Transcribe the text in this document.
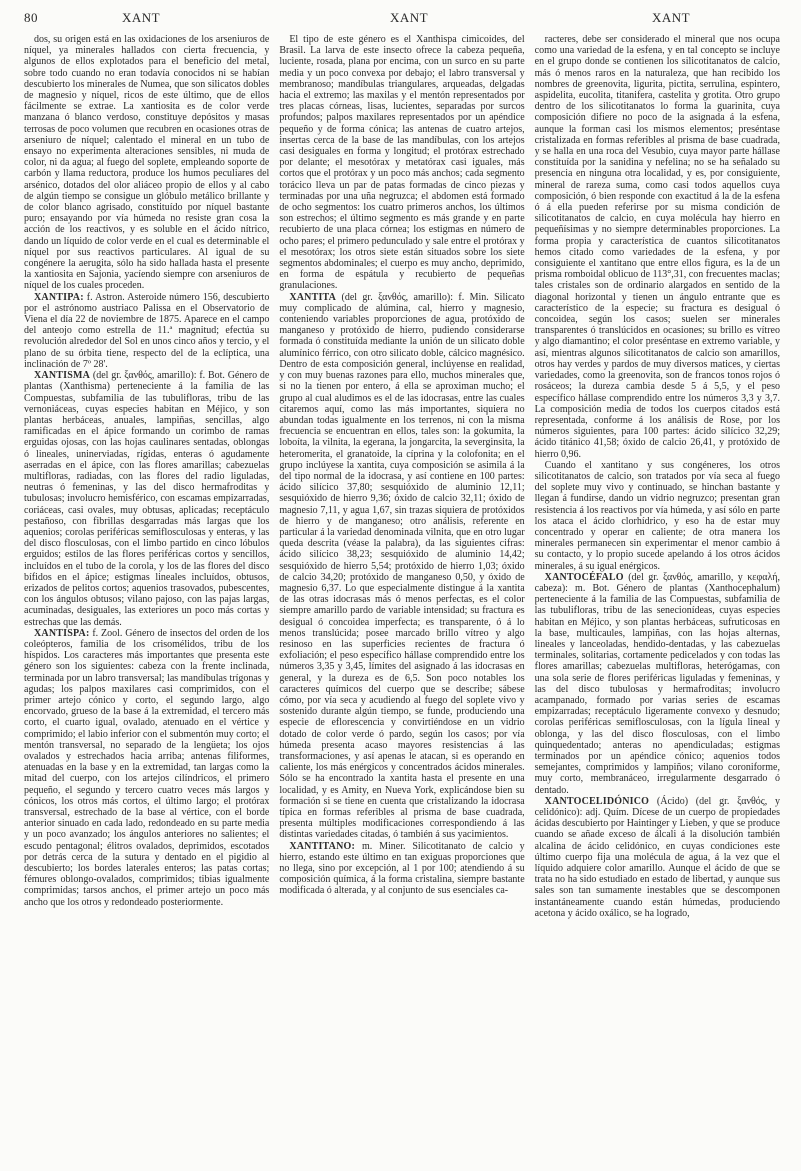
80	XANT	XANT	XANT

dos, su origen está en las oxidaciones de los arseniuros de níquel, ya minerales hallados con cierta frecuencia, y algunos de ellos explotados para el beneficio del metal, sobre todo cuando no eran todavía conocidos ni se habían descubierto los minerales de Numea, que son silicatos dobles de magnesio y níquel, ricos de este último, que de ellos fácilmente se extrae. La xantiosita es de color verde manzana ó blanco verdoso, constituye depósitos y masas terrosas de poco volumen que recubren en ocasiones otras de arseniuro de níquel; calentado el mineral en un tubo de ensayo no experimenta alteraciones sensibles, ni muda de color, ni da agua; al fuego del soplete, empleando soporte de carbón y llama reductora, produce los humos peculiares del arsénico, dotados del olor aliáceo propio de ellos y al cabo de algún tiempo se consigue un glóbulo metálico brillante y de color blanco agrisado, constituído por níquel bastante puro; ensayando por vía húmeda no resiste gran cosa la acción de los reactivos, y es soluble en el ácido nítrico, dando un líquido de color verde en el cual es determinable el níquel por sus reactivos particulares. Al igual de su congénere la aerugita, sólo ha sido hallada hasta el presente la xantiosita en Sajonia, yacíendo siempre con arseniuros de níquel de los cuales proceden.

XANTIPA: f. Astron. Asteroide número 156, descubierto por el astrónomo austriaco Palissa en el Observatorio de Viena el día 22 de noviembre de 1875. Aparece en el campo del anteojo como estrella de 11.ª magnitud; efectúa su revolución alrededor del Sol en unos cinco años y tercio, y el plano de su órbita tiene, respecto del de la eclíptica, una inclinación de 7º 28'.

XANTISMA (del gr. ξανθός, amarillo): f. Bot. Género de plantas (Xanthisma) perteneciente á la familia de las Compuestas, subfamilia de las tubulifloras, tribu de las vernoniáceas, cuyas especies habitan en Méjico, y son plantas herbáceas, anuales, lampiñas, sencillas, algo ramificadas en el ápice formando un corimbo de ramas erguidas ojosas, con las hojas caulinares sentadas, oblongas ó lineales, uninerviadas, rígidas, enteras ó agudamente aserradas en el ápice, con las flores amarillas; cabezuelas multifloras, radiadas, con las flores del radio liguladas, neutras ó femeninas, y las del disco hermafroditas y tubulosas; involucro hemisférico, con escamas empizarradas, coriáceas, casi ovales, muy obtusas, aplicadas; receptáculo pestañoso, con fibrillas desgarradas más largas que los aquenios; corolas periféricas semiflosculosas y enteras, y las del disco flosculosas, con el limbo partido en cinco lóbulos erguidos; estilos de las flores periféricas cortos y sencillos, incluídos en el tubo de la corola, y los de las flores del disco bífidos en el ápice; estigmas lineales incluídos, obtusos, erizados de pelitos cortos; aquenios trasovados, pubescentes, con los ángulos obtusos; vilano pajoso, con las pajas largas, acuminadas, desiguales, las exteriores un poco más cortas y estrechas que las demás.

XANTISPA: f. Zool. Género de insectos del orden de los coleópteros, familia de los crisomélidos, tribu de los híspidos. Los caracteres más importantes que presenta este género son los siguientes: cabeza con la frente inclinada, terminada por un labro transversal; las mandíbulas trígonas y agudas; los palpos maxilares casi comprimidos, con el primer artejo cónico y corto, el segundo largo, algo encorvado, grueso de la base á la extremidad, el tercero más corto, el cuarto igual, ovalado, atenuado en el vértice y comprimido; el labio inferior con el submentón muy corto; el mentón transversal, no separado de la lengüeta; los ojos ovalados y estrechados hacia arriba; antenas filiformes, atenuadas en la base y en la extremidad, tan largas como la mitad del cuerpo, con los artejos cilíndricos, el primero pequeño, el segundo y tercero cuatro veces más largos y cónicos, los otros más cortos, el último largo; el protórax transversal, estrechado de la base al vértice, con el borde anterior sinuado en cada lado, redondeado en su parte media y un poco avanzado; los ángulos anteriores no salientes; el escudo pentagonal; élitros ovalados, deprimidos, escotados por detrás cerca de la sutura y dentado en el pigidio al descubierto; los bordes laterales enteros; las patas cortas; fémures oblongo-ovalados, comprimidos; tibias igualmente comprimidas; tarsos anchos, el primer artejo un poco más ancho que los otros y redondeado posteriormente.

El tipo de este género es el Xanthispa cimicoides, del Brasil. La larva de este insecto ofrece la cabeza pequeña, luciente, rosada, plana por encima, con un surco en su parte media y un poco convexa por debajo; el labro transversal y membranoso; mandíbulas triangulares, arqueadas, delgadas hacia el extremo; las maxilas y el mentón representados por tres placas córneas, lisas, lucientes, separadas por surcos profundos; palpos maxilares representados por un apéndice pequeño y de forma cónica; las antenas de cuatro artejos, insertas cerca de la base de las mandíbulas, con los artejos casi desiguales en forma y longitud; el protórax estrechado por delante; el mesotórax y metatórax casi iguales, más cortos que el protórax y un poco más anchos; cada segmento torácico lleva un par de patas formadas de cinco piezas y terminadas por una uña negruzca; el abdomen está formado de ocho segmentos: los cuatro primeros anchos, los últimos son estrechos; el último segmento es más grande y en parte recubierto de una placa córnea; los estigmas en número de ocho pares; el primero pedunculado y sale entre el protórax y el mesotórax; los otros siete están situados sobre los siete segmentos abdominales; el cuerpo es muy ancho, deprimido, en forma de espátula y recubierto de pequeñas granulaciones.

XANTITA (del gr. ξανθός, amarillo): f. Min. Silicato muy complicado de alúmina, cal, hierro y magnesio, conteniendo variables proporciones de agua, protóxido de manganeso y protóxido de hierro, pudiendo considerarse formada ó constituída mediante la unión de un silicato doble alumínico férrico, con otro silicato doble, cálcico magnésico. Dentro de esta composición general, inclúyense en realidad, y con muy buenas razones para ello, muchos minerales que, si no la tienen por entero, á ella se aproximan mucho; el grupo al cual aludimos es el de las idocrasas, entre las cuales citaremos aquí, como las más importantes, siquiera no abundan todas igualmente en los terrenos, ni con la misma frecuencia se encuentran en ellos, tales son: la gokumita, la loboíta, la vilnita, la egerana, la jongarcita, la severginsita, la heteromerita, el granatoide, la cíprina y la colofonita; en el grupo inclúyese la xantita, cuya composición se asimila á la del tipo normal de la idocrasa, y así contiene en 100 partes: ácido silícico 37,80; sesquióxido de aluminio 12,11; sesquióxido de hierro 9,36; óxido de calcio 32,11; óxido de magnesio 7,11, y agua 1,67, sin trazas siquiera de protóxidos de hierro y de manganeso; otro análisis, referente en particular á la variedad denominada vilnita, que en otro lugar queda descrita (véase la palabra), da las siguientes cifras: ácido silícico 38,23; sesquióxido de aluminio 14,42; sesquióxido de hierro 5,54; protóxido de hierro 1,03; óxido de calcio 34,20; protóxido de manganeso 0,50, y óxido de magnesio 6,37. Lo que especialmente distingue á la xantita de las otras idocrasas más ó menos perfectas, es el color siempre amarillo pardo de variable intensidad; su fractura es desigual ó concoidea imperfecta; es transparente, ó á lo menos translúcida; posee marcado brillo vítreo y algo resinoso en las superficies recientes de fractura ó exfoliación; el peso específico hállase comprendido entre los números 3,35 y 3,45, límites del asignado á las idocrasas en general, y la dureza es de 6,5. Son poco notables los caracteres químicos del cuerpo que se describe; sábese cómo, por vía seca y acudiendo al fuego del soplete vivo y sostenido durante algún tiempo, se funde, produciendo una especie de eflorescencia y convirtiéndose en un vidrio dotado de color verde ó pardo, según los casos; por vía húmeda presenta acaso mayores resistencias á las transformaciones, y así apenas le atacan, si es operando en caliente, los más enérgicos y concentrados ácidos minerales. Sólo se ha encontrado la xantita hasta el presente en una localidad, y es Amity, en Nueva York, explicándose bien su formación si se tiene en cuenta que cristalizando la idocrasa típica en formas referibles al prisma de base cuadrada, presenta múltiples modificaciones correspondiendo á las distintas variedades citadas, ó también á sus yacimientos.

XANTITANO: m. Miner. Silicotitanato de calcio y hierro, estando este último en tan exiguas proporciones que no llega, sino por excepción, al 1 por 100; atendiendo á su composición química, á la forma cristalina, siempre bastante modificada ó alterada, y al conjunto de sus esenciales ca-

racteres, debe ser considerado el mineral que nos ocupa como una variedad de la esfena, y en tal concepto se incluye en el grupo donde se contienen los silicotitanatos de calcio, más ó menos raros en la naturaleza, que han recibido los nombres de greenovita, ligurita, pictita, serrulina, espintero, aspidelita, eucolita, titanifera, castelita y grotita. Otro grupo dentro de los silicotitanatos lo forma la guarinita, cuya composición difiere no poco de la asignada á la esfena, aunque la forman casi los mismos elementos; preséntase cristalizada en formas referibles al prisma de base cuadrada, y se halla en una roca del Vesubio, cuya mayor parte hállase constituída por la sanidina y nefelina; no se ha señalado su presencia en ninguna otra localidad, y es, por consiguiente, mineral de rareza suma, como casi todos aquellos cuya composición, ó bien responde con exactitud á la de la esfena ó á ella pueden referirse por su misma condición de silicotitanatos de calcio, en cuya molécula hay hierro en pequeñísimas y no siempre determinables proporciones. La forma propia y característica de cuantos silicotitanatos hemos citado como variedades de la esfena, y por consiguiente el xantitano que entre ellos figura, es la de un prisma romboidal oblicuo de 113°,31, con frecuentes maclas; tales cristales son de ordinario alargados en sentido de la diagonal horizontal y tienen un ángulo entrante que es característico de la especie; su fractura es desigual ó concoidea, según los casos; suelen ser minerales transparentes ó translúcidos en ocasiones; su brillo es vítreo y algo diamantino; el color preséntase en extremo variable, y así, mientras algunos silicotitanatos de calcio son amarillos, otros hay verdes y pardos de muy diversos matices, y ciertas variedades, como la greenovita, son de francos tonos rojos ó rosáceos; la dureza cambia desde 5 á 5,5, y el peso específico hállase comprendido entre los números 3,3 y 3,7. La composición media de todos los cuerpos citados está representada, conforme á los análisis de Rose, por los números siguientes, para 100 partes: ácido silícico 32,29; ácido titánico 41,58; óxido de calcio 26,41, y protóxido de hierro 0,96.

Cuando el xantitano y sus congéneres, los otros silicotitanatos de calcio, son tratados por vía seca al fuego del soplete muy vivo y continuado, se hinchan bastante y llegan á fundirse, dando un vidrio negruzco; presentan gran resistencia á los reactivos por vía húmeda, y así sólo en parte los ataca el ácido clorhídrico, y eso ha de estar muy concentrado y operar en caliente; de otra manera los minerales permanecen sin experimentar el menor cambio á su contacto, y lo propio sucede apelando á los otros ácidos minerales, á su igual enérgicos.

XANTOCÉFALO (del gr. ξανθός, amarillo, y κεφαλή, cabeza): m. Bot. Género de plantas (Xanthocephalum) perteneciente á la familia de las Compuestas, subfamilia de las tubulifloras, tribu de las senecionídeas, cuyas especies habitan en Méjico, y son plantas herbáceas, sufruticosas en la base, multicaules, lampiñas, con las hojas alternas, lineales y lanceoladas, hendido-dentadas, y las cabezuelas terminales, solitarias, cortamente pedicelados y con todas las flores amarillas; cabezuelas multifloras, heterógamas, con una sola serie de flores periféricas liguladas y femeninas, y las del disco tubulosas y hermafroditas; involucro acampanado, formado por varias series de escamas empizarradas; receptáculo ligeramente convexo y desnudo; corolas periféricas semiflosculosas, con la lígula lineal y oblonga, y las del disco flosculosas, con el limbo quinquedentado; anteras no apendiculadas; estigmas terminados por un apéndice cónico; aquenios todos semejantes, comprimidos y lampiños; vilano coroniforme, muy corto, membranáceo, irregularmente desgarrado ó dentado.

XANTOCELIDÓNICO (Ácido) (del gr. ξανθός, y celidónico): adj. Quím. Dícese de un cuerpo de propiedades ácidas descubierto por Haintinger y Lieben, y que se produce cuando se añade exceso de álcali á la disolución también alcalina de ácido celidónico, en cuyas condiciones este último cuerpo fija una molécula de agua, á la vez que el líquido adquiere color amarillo. Aunque el ácido de que se trata no ha sido estudiado en estado de libertad, y aunque sus sales son tan sumamente inestables que se descomponen instantáneamente cuando están húmedas, produciendo acetona y ácido oxálico, se ha logrado,
